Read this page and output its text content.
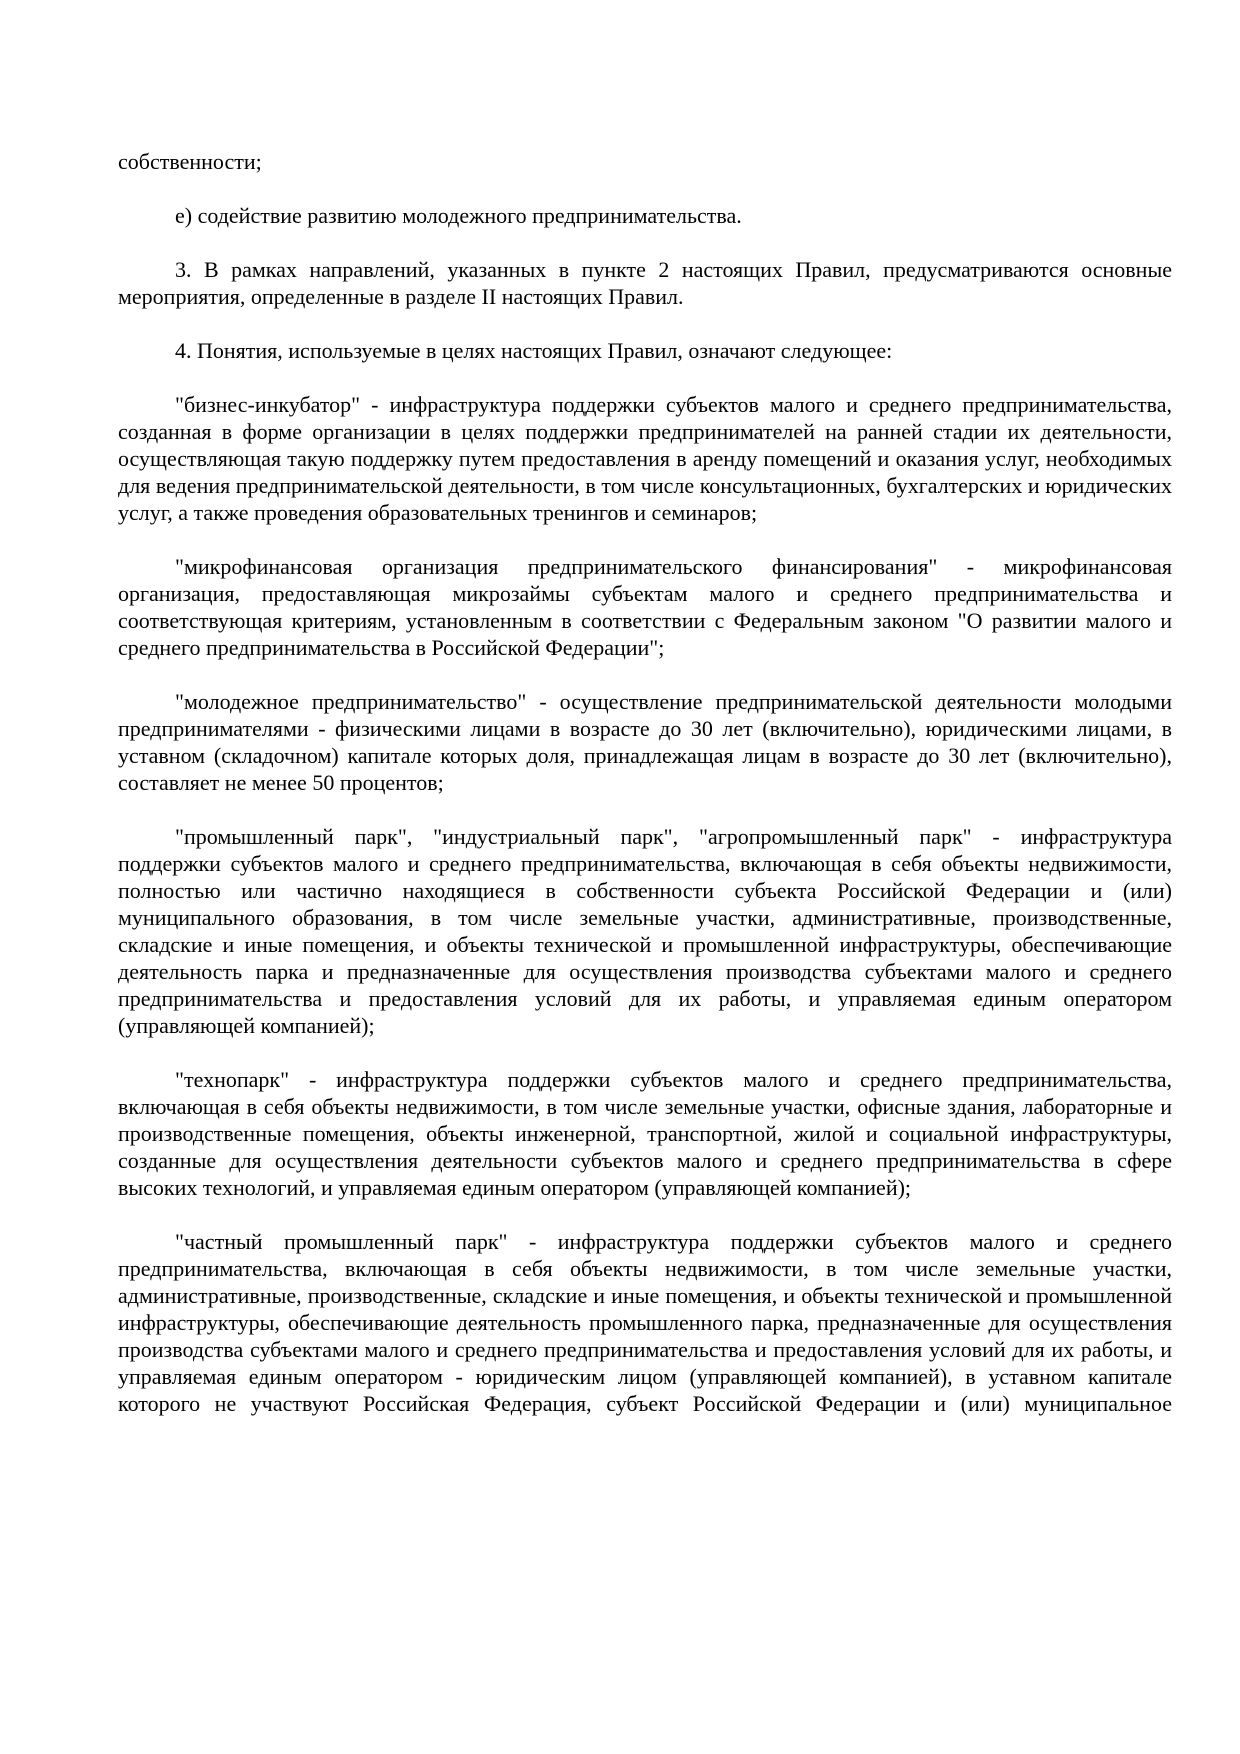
собственности;

е) содействие развитию молодежного предпринимательства.

3. В рамках направлений, указанных в пункте 2 настоящих Правил, предусматриваются основные мероприятия, определенные в разделе II настоящих Правил.

4. Понятия, используемые в целях настоящих Правил, означают следующее:

"бизнес-инкубатор" - инфраструктура поддержки субъектов малого и среднего предпринимательства, созданная в форме организации в целях поддержки предпринимателей на ранней стадии их деятельности, осуществляющая такую поддержку путем предоставления в аренду помещений и оказания услуг, необходимых для ведения предпринимательской деятельности, в том числе консультационных, бухгалтерских и юридических услуг, а также проведения образовательных тренингов и семинаров;

"микрофинансовая организация предпринимательского финансирования" - микрофинансовая организация, предоставляющая микрозаймы субъектам малого и среднего предпринимательства и соответствующая критериям, установленным в соответствии с Федеральным законом "О развитии малого и среднего предпринимательства в Российской Федерации";

"молодежное предпринимательство" - осуществление предпринимательской деятельности молодыми предпринимателями - физическими лицами в возрасте до 30 лет (включительно), юридическими лицами, в уставном (складочном) капитале которых доля, принадлежащая лицам в возрасте до 30 лет (включительно), составляет не менее 50 процентов;

"промышленный парк", "индустриальный парк", "агропромышленный парк" - инфраструктура поддержки субъектов малого и среднего предпринимательства, включающая в себя объекты недвижимости, полностью или частично находящиеся в собственности субъекта Российской Федерации и (или) муниципального образования, в том числе земельные участки, административные, производственные, складские и иные помещения, и объекты технической и промышленной инфраструктуры, обеспечивающие деятельность парка и предназначенные для осуществления производства субъектами малого и среднего предпринимательства и предоставления условий для их работы, и управляемая единым оператором (управляющей компанией);

"технопарк" - инфраструктура поддержки субъектов малого и среднего предпринимательства, включающая в себя объекты недвижимости, в том числе земельные участки, офисные здания, лабораторные и производственные помещения, объекты инженерной, транспортной, жилой и социальной инфраструктуры, созданные для осуществления деятельности субъектов малого и среднего предпринимательства в сфере высоких технологий, и управляемая единым оператором (управляющей компанией);

"частный промышленный парк" - инфраструктура поддержки субъектов малого и среднего предпринимательства, включающая в себя объекты недвижимости, в том числе земельные участки, административные, производственные, складские и иные помещения, и объекты технической и промышленной инфраструктуры, обеспечивающие деятельность промышленного парка, предназначенные для осуществления производства субъектами малого и среднего предпринимательства и предоставления условий для их работы, и управляемая единым оператором - юридическим лицом (управляющей компанией), в уставном капитале которого не участвуют Российская Федерация, субъект Российской Федерации и (или) муниципальное
